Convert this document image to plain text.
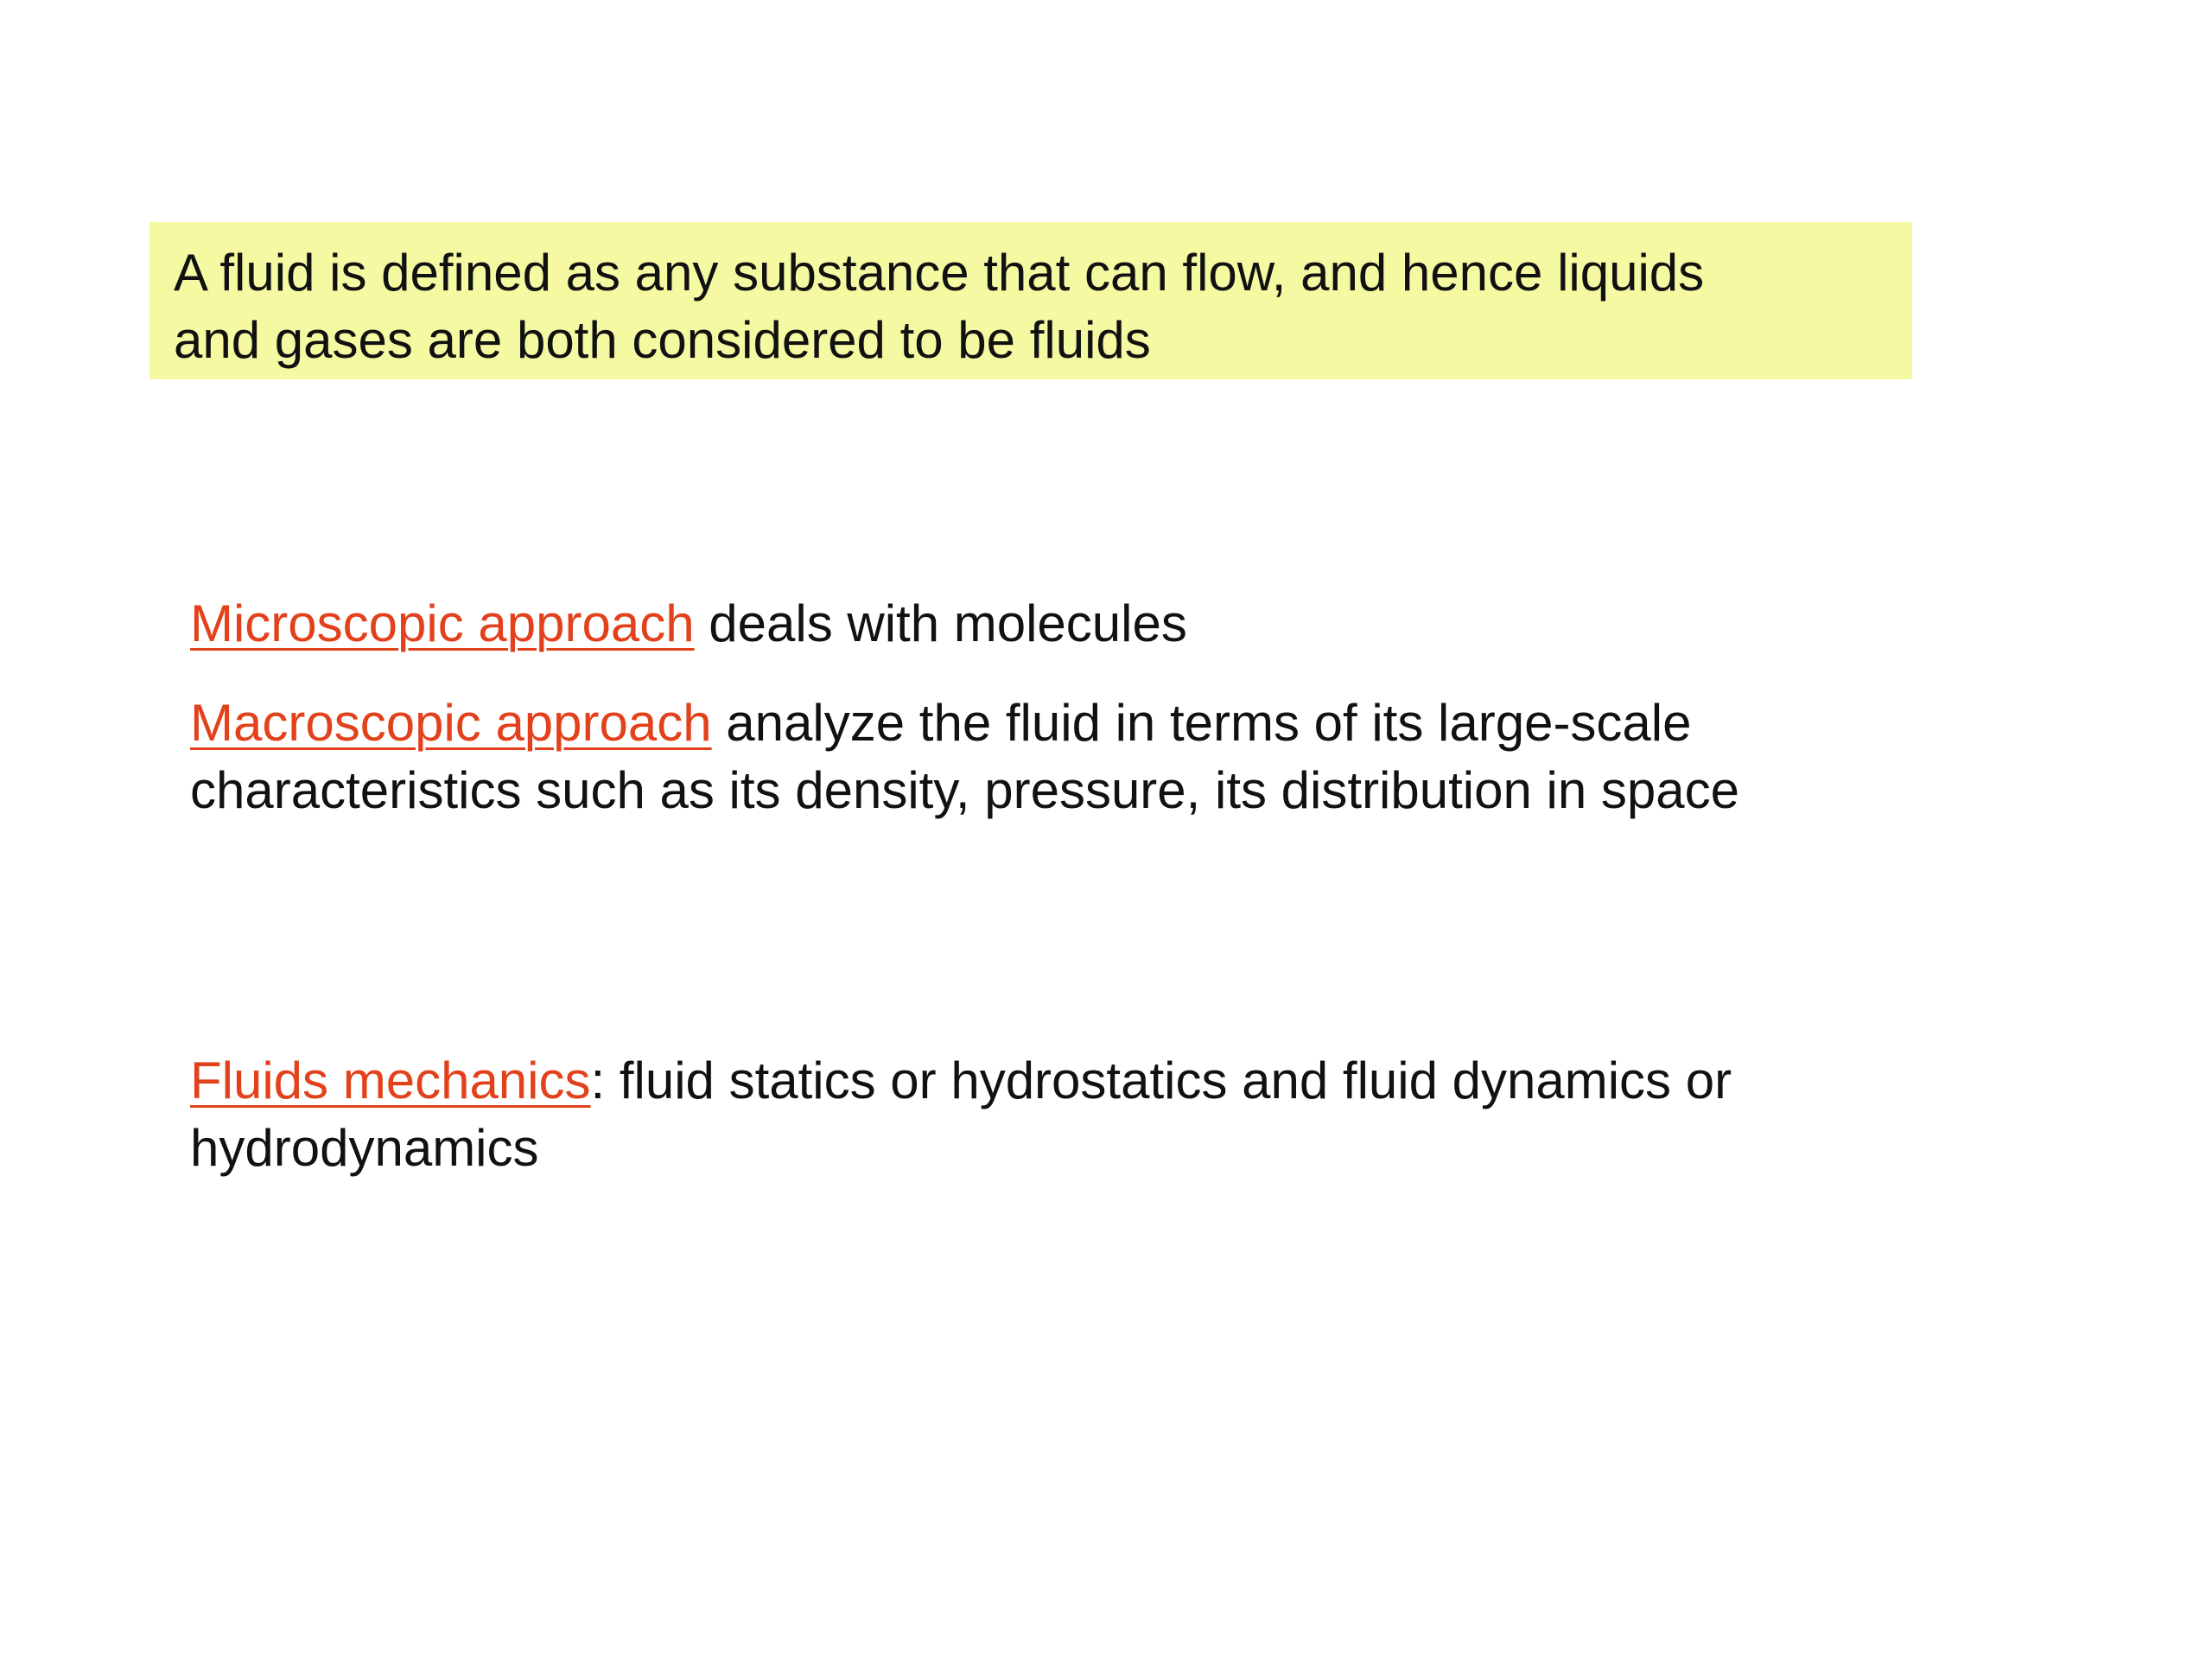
A fluid is defined as any substance that can flow, and hence liquids
and gases are both considered to be fluids
Microscopic approach deals with molecules
Macroscopic approach analyze the fluid in terms of its large-scale
characteristics such as its density, pressure, its distribution in space
Fluids mechanics: fluid statics or hydrostatics and fluid dynamics or
hydrodynamics
